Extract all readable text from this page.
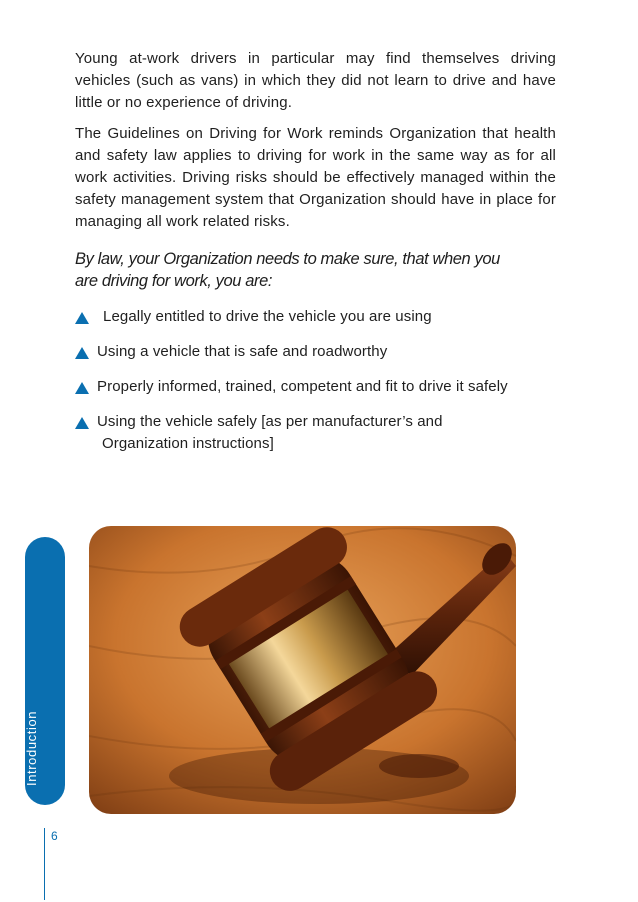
Young at-work drivers in particular may find themselves driving vehicles (such as vans) in which they did not learn to drive and have little or no experience of driving.

The Guidelines on Driving for Work reminds Organization that health and safety law applies to driving for work in the same way as for all work activities. Driving risks should be effectively managed within the safety management system that Organization should have in place for managing all work related risks.

By law, your Organization needs to make sure, that when you
are driving for work, you are:

Legally entitled to drive the vehicle you are using
Using a vehicle that is safe and roadworthy
Properly informed, trained, competent and fit to drive it safely
Using the vehicle safely [as per manufacturer’s and
Organization instructions]
Introduction
6
